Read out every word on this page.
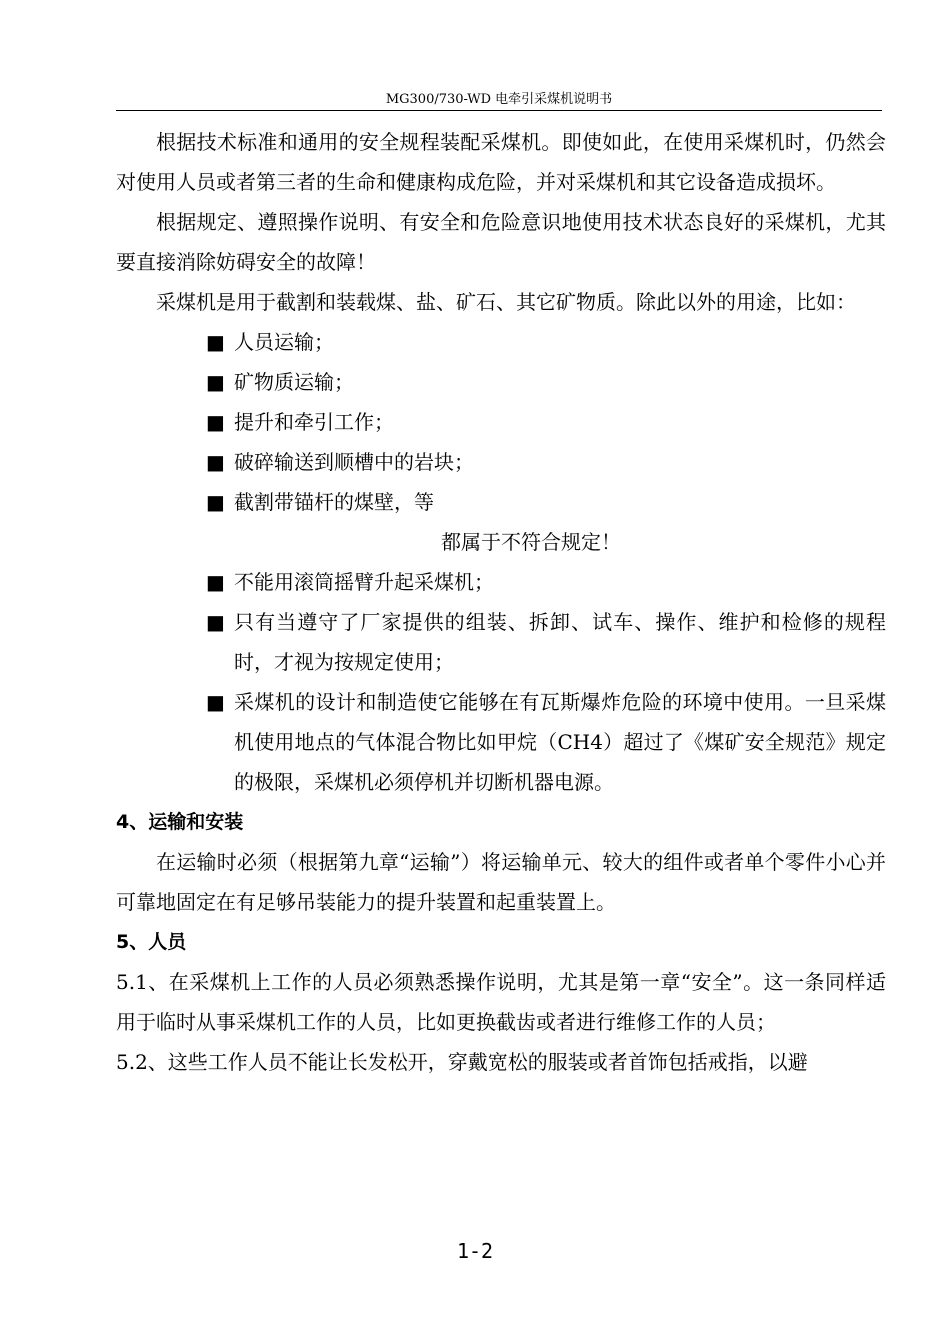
MG300/730-WD 电牵引采煤机说明书

根据技术标准和通用的安全规程装配采煤机。即使如此，在使用采煤机时，仍然会对使用人员或者第三者的生命和健康构成危险，并对采煤机和其它设备造成损坏。

根据规定、遵照操作说明、有安全和危险意识地使用技术状态良好的采煤机，尤其要直接消除妨碍安全的故障！

采煤机是用于截割和装载煤、盐、矿石、其它矿物质。除此以外的用途，比如：

■ 人员运输；

■ 矿物质运输；

■ 提升和牵引工作；

■ 破碎输送到顺槽中的岩块；

■ 截割带锚杆的煤壁，等

都属于不符合规定！

■ 不能用滚筒摇臂升起采煤机；

■ 只有当遵守了厂家提供的组装、拆卸、试车、操作、维护和检修的规程时，才视为按规定使用；

■ 采煤机的设计和制造使它能够在有瓦斯爆炸危险的环境中使用。一旦采煤机使用地点的气体混合物比如甲烷（CH4）超过了《煤矿安全规范》规定的极限，采煤机必须停机并切断机器电源。

4、运输和安装

在运输时必须（根据第九章“运输”）将运输单元、较大的组件或者单个零件小心并可靠地固定在有足够吊装能力的提升装置和起重装置上。

5、人员

5.1、在采煤机上工作的人员必须熟悉操作说明，尤其是第一章“安全”。这一条同样适用于临时从事采煤机工作的人员，比如更换截齿或者进行维修工作的人员；

5.2、这些工作人员不能让长发松开，穿戴宽松的服装或者首饰包括戒指，以避

1-2
